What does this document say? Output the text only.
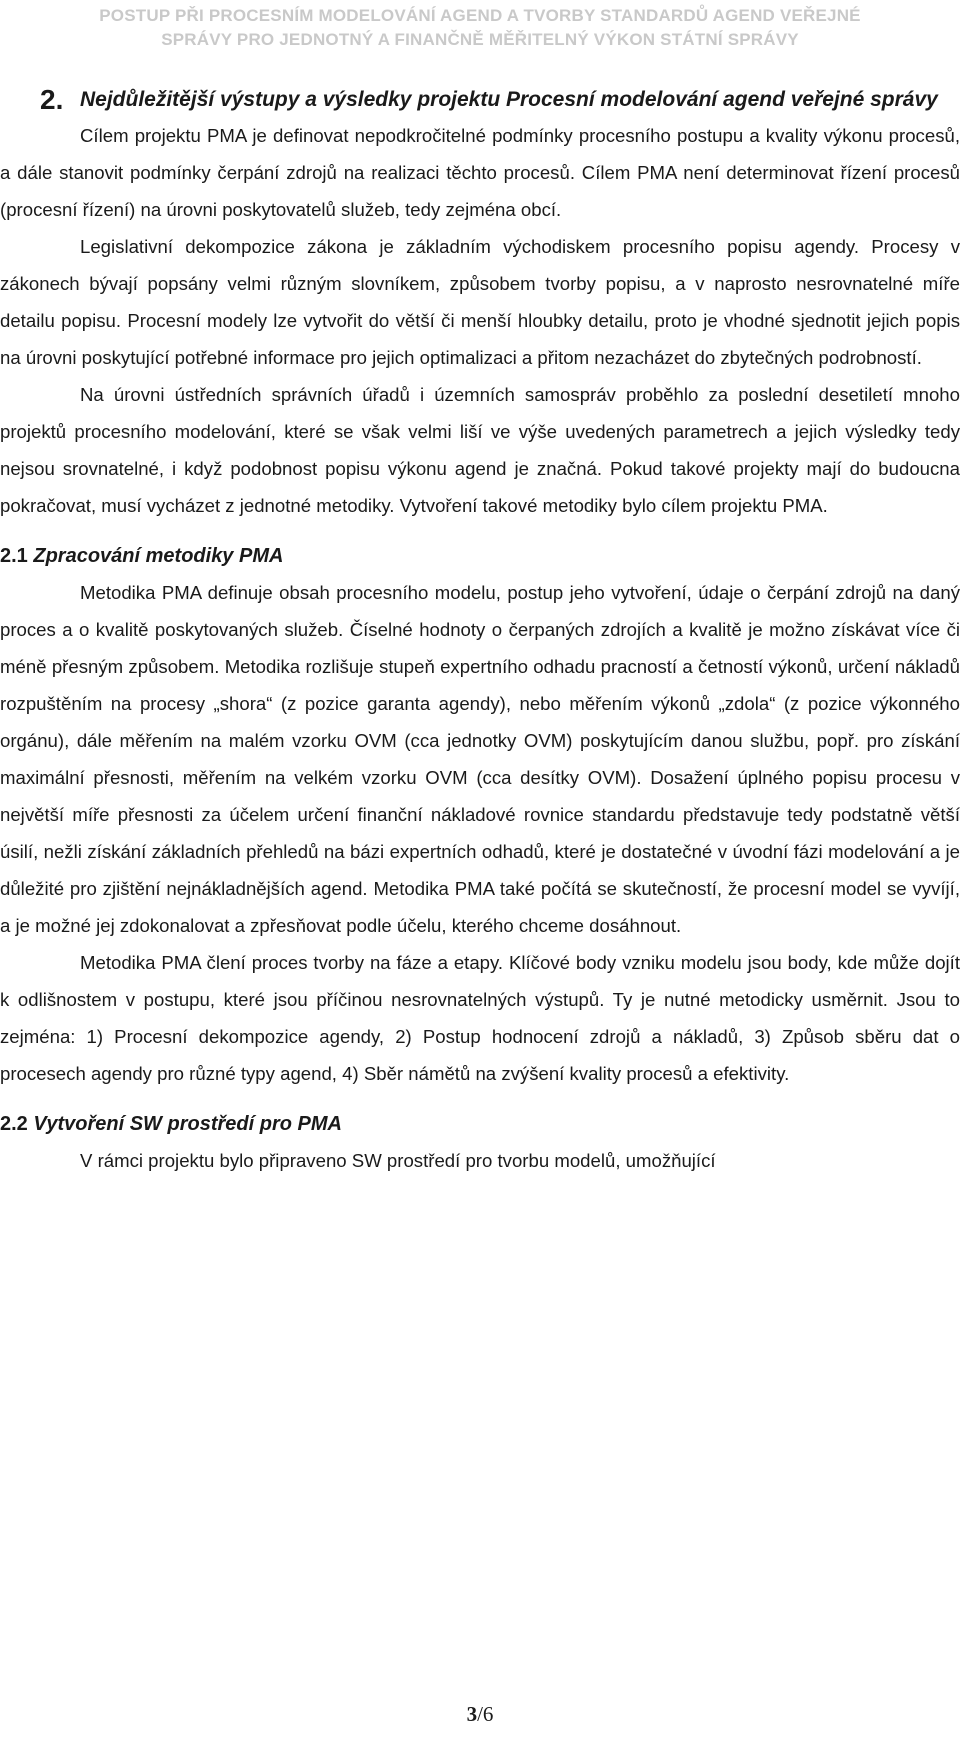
POSTUP PŘI PROCESNÍM MODELOVÁNÍ AGEND A TVORBY STANDARDŮ AGEND VEŘEJNÉ
SPRÁVY PRO JEDNOTNÝ A FINANČNĚ MĚŘITELNÝ VÝKON STÁTNÍ SPRÁVY
2. Nejdůležitější výstupy a výsledky projektu Procesní modelování agend veřejné správy

Cílem projektu PMA je definovat nepodkročitelné podmínky procesního postupu a kvality výkonu procesů, a dále stanovit podmínky čerpání zdrojů na realizaci těchto procesů. Cílem PMA není determinovat řízení procesů (procesní řízení) na úrovni poskytovatelů služeb, tedy zejména obcí.

Legislativní dekompozice zákona je základním východiskem procesního popisu agendy. Procesy v zákonech bývají popsány velmi různým slovníkem, způsobem tvorby popisu, a v naprosto nesrovnatelné míře detailu popisu. Procesní modely lze vytvořit do větší či menší hloubky detailu, proto je vhodné sjednotit jejich popis na úrovni poskytující potřebné informace pro jejich optimalizaci a přitom nezacházet do zbytečných podrobností.

Na úrovni ústředních správních úřadů i územních samospráv proběhlo za poslední desetiletí mnoho projektů procesního modelování, které se však velmi liší ve výše uvedených parametrech a jejich výsledky tedy nejsou srovnatelné, i když podobnost popisu výkonu agend je značná. Pokud takové projekty mají do budoucna pokračovat, musí vycházet z jednotné metodiky. Vytvoření takové metodiky bylo cílem projektu PMA.

2.1 Zpracování metodiky PMA

Metodika PMA definuje obsah procesního modelu, postup jeho vytvoření, údaje o čerpání zdrojů na daný proces a o kvalitě poskytovaných služeb. Číselné hodnoty o čerpaných zdrojích a kvalitě je možno získávat více či méně přesným způsobem. Metodika rozlišuje stupeň expertního odhadu pracností a četností výkonů, určení nákladů rozpuštěním na procesy „shora“ (z pozice garanta agendy), nebo měřením výkonů „zdola“ (z pozice výkonného orgánu), dále měřením na malém vzorku OVM (cca jednotky OVM) poskytujícím danou službu, popř. pro získání maximální přesnosti, měřením na velkém vzorku OVM (cca desítky OVM). Dosažení úplného popisu procesu v největší míře přesnosti za účelem určení finanční nákladové rovnice standardu představuje tedy podstatně větší úsilí, nežli získání základních přehledů na bázi expertních odhadů, které je dostatečné v úvodní fázi modelování a je důležité pro zjištění nejnákladnějších agend. Metodika PMA také počítá se skutečností, že procesní model se vyvíjí, a je možné jej zdokonalovat a zpřesňovat podle účelu, kterého chceme dosáhnout.

Metodika PMA člení proces tvorby na fáze a etapy. Klíčové body vzniku modelu jsou body, kde může dojít k odlišnostem v postupu, které jsou příčinou nesrovnatelných výstupů. Ty je nutné metodicky usměrnit. Jsou to zejména: 1) Procesní dekompozice agendy, 2) Postup hodnocení zdrojů a nákladů, 3) Způsob sběru dat o procesech agendy pro různé typy agend, 4) Sběr námětů na zvýšení kvality procesů a efektivity.

2.2 Vytvoření SW prostředí pro PMA

V rámci projektu bylo připraveno SW prostředí pro tvorbu modelů, umožňující

3/6
